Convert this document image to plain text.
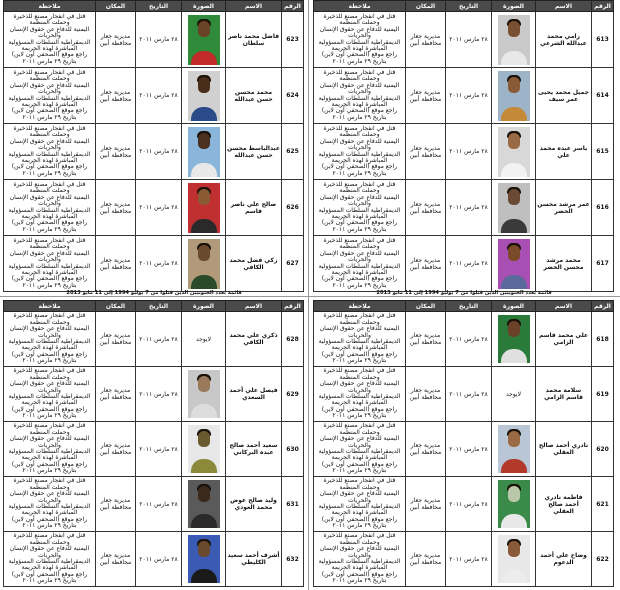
الرقم	الاسم	الصورة	التاريخ	المكان	ملاحظة
613	رامي محمد عبدالله الشرعي		٢٨ مارس ٢٠١١	مديرية جعار محافظة أبين	قتل في انفجار مصنع للذخيرة وحملت المنظمة
اليمنية للدفاع عن حقوق الإنسان والحريات
الديمقراطية السلطات المسؤولية المباشرة لهذه الجريمة
راجع موقع (الصحفي أون لاين)
بتاريخ ٢٩ مارس ٢٠١١

614	جميل محمد يحيى عمر سيف		٢٨ مارس ٢٠١١	مديرية جعار محافظة أبين	قتل في انفجار مصنع للذخيرة وحملت المنظمة
اليمنية للدفاع عن حقوق الإنسان والحريات
الديمقراطية السلطات المسؤولية المباشرة لهذه الجريمة
راجع موقع (الصحفي أون لاين)
بتاريخ ٢٩ مارس ٢٠١١

615	ياسر عبده محمد علي		٢٨ مارس ٢٠١١	مديرية جعار محافظة أبين	قتل في انفجار مصنع للذخيرة وحملت المنظمة
اليمنية للدفاع عن حقوق الإنسان والحريات
الديمقراطية السلطات المسؤولية المباشرة لهذه الجريمة
راجع موقع (الصحفي أون لاين)
بتاريخ ٢٩ مارس ٢٠١١

616	عمر مرشد محسن الخضر		٢٨ مارس ٢٠١١	مديرية جعار محافظة أبين	قتل في انفجار مصنع للذخيرة وحملت المنظمة
اليمنية للدفاع عن حقوق الإنسان والحريات
الديمقراطية السلطات المسؤولية المباشرة لهذه الجريمة
راجع موقع (الصحفي أون لاين)
بتاريخ ٢٩ مارس ٢٠١١

617	محمد مرشد محسن الخضر		٢٨ مارس ٢٠١١	مديرية جعار محافظة أبين	قتل في انفجار مصنع للذخيرة وحملت المنظمة
اليمنية للدفاع عن حقوق الإنسان والحريات
الديمقراطية السلطات المسؤولية المباشرة لهذه الجريمة
راجع موقع (الصحفي أون لاين)
بتاريخ ٢٩ مارس ٢٠١١
الرقم	الاسم	الصورة	التاريخ	المكان	ملاحظة
623	فاضل محمد ناصر سلطان		٢٨ مارس ٢٠١١	مديرية جعار محافظة أبين	قتل في انفجار مصنع للذخيرة وحملت المنظمة
اليمنية للدفاع عن حقوق الإنسان والحريات
الديمقراطية السلطات المسؤولية المباشرة لهذه الجريمة
راجع موقع (الصحفي أون لاين)
بتاريخ ٢٩ مارس ٢٠١١

624	محمد محسن حسن عبدالله		٢٨ مارس ٢٠١١	مديرية جعار محافظة أبين	قتل في انفجار مصنع للذخيرة وحملت المنظمة
اليمنية للدفاع عن حقوق الإنسان والحريات
الديمقراطية السلطات المسؤولية المباشرة لهذه الجريمة
راجع موقع (الصحفي أون لاين)
بتاريخ ٢٩ مارس ٢٠١١

625	عبدالباسط محسن حسن عبدالله		٢٨ مارس ٢٠١١	مديرية جعار محافظة أبين	قتل في انفجار مصنع للذخيرة وحملت المنظمة
اليمنية للدفاع عن حقوق الإنسان والحريات
الديمقراطية السلطات المسؤولية المباشرة لهذه الجريمة
راجع موقع (الصحفي أون لاين)
بتاريخ ٢٩ مارس ٢٠١١

626	صالح علي ناصر قاسم		٢٨ مارس ٢٠١١	مديرية جعار محافظة أبين	قتل في انفجار مصنع للذخيرة وحملت المنظمة
اليمنية للدفاع عن حقوق الإنسان والحريات
الديمقراطية السلطات المسؤولية المباشرة لهذه الجريمة
راجع موقع (الصحفي أون لاين)
بتاريخ ٢٩ مارس ٢٠١١

627	زكي فضل محمد الكافي		٢٨ مارس ٢٠١١	مديرية جعار محافظة أبين	قتل في انفجار مصنع للذخيرة وحملت المنظمة
اليمنية للدفاع عن حقوق الإنسان والحريات
الديمقراطية السلطات المسؤولية المباشرة لهذه الجريمة
راجع موقع (الصحفي أون لاين)
بتاريخ ٢٩ مارس ٢٠١١
قائمة بعدد الجنوبيين الذين قتلوا من 7 يوليو 1994 إلى 11 مايو 2013
قائمة بعدد الجنوبيين الذين قتلوا من 7 يوليو 1994 إلى 11 مايو 2013
الرقم	الاسم	الصورة	التاريخ	المكان	ملاحظة
618	علي محمد قاسم الزامي		٢٨ مارس ٢٠١١	مديرية جعار محافظة أبين	قتل في انفجار مصنع للذخيرة وحملت المنظمة
اليمنية للدفاع عن حقوق الإنسان والحريات
الديمقراطية السلطات المسؤولية المباشرة لهذه الجريمة
راجع موقع (الصحفي أون لاين)
بتاريخ ٢٩ مارس ٢٠١١

619	سلامة محمد قاسم الزامي	لايوجد	٢٨ مارس ٢٠١١	مديرية جعار محافظة أبين	قتل في انفجار مصنع للذخيرة وحملت المنظمة
اليمنية للدفاع عن حقوق الإنسان والحريات
الديمقراطية السلطات المسؤولية المباشرة لهذه الجريمة
راجع موقع (الصحفي أون لاين)
بتاريخ ٢٩ مارس ٢٠١١

620	نادري أحمد صالح العقلي		٢٨ مارس ٢٠١١	مديرية جعار محافظة أبين	قتل في انفجار مصنع للذخيرة وحملت المنظمة
اليمنية للدفاع عن حقوق الإنسان والحريات
الديمقراطية السلطات المسؤولية المباشرة لهذه الجريمة
راجع موقع (الصحفي أون لاين)
بتاريخ ٢٩ مارس ٢٠١١

621	فاطمة نادري أحمد صالح العقلي		٢٨ مارس ٢٠١١	مديرية جعار محافظة أبين	قتل في انفجار مصنع للذخيرة وحملت المنظمة
اليمنية للدفاع عن حقوق الإنسان والحريات
الديمقراطية السلطات المسؤولية المباشرة لهذه الجريمة
راجع موقع (الصحفي أون لاين)
بتاريخ ٢٩ مارس ٢٠١١

622	وضاح علي أحمد الدعوم		٢٨ مارس ٢٠١١	مديرية جعار محافظة أبين	قتل في انفجار مصنع للذخيرة وحملت المنظمة
اليمنية للدفاع عن حقوق الإنسان والحريات
الديمقراطية السلطات المسؤولية المباشرة لهذه الجريمة
راجع موقع (الصحفي أون لاين)
بتاريخ ٢٩ مارس ٢٠١١
الرقم	الاسم	الصورة	التاريخ	المكان	ملاحظة
628	ذكري علي محمد الكافي	لايوجد	٢٨ مارس ٢٠١١	مديرية جعار محافظة أبين	قتل في انفجار مصنع للذخيرة وحملت المنظمة
اليمنية للدفاع عن حقوق الإنسان والحريات
الديمقراطية السلطات المسؤولية المباشرة لهذه الجريمة
راجع موقع (الصحفي أون لاين)
بتاريخ ٢٩ مارس ٢٠١١

629	فيصل علي أحمد السعدي		٢٨ مارس ٢٠١١	مديرية جعار محافظة أبين	قتل في انفجار مصنع للذخيرة وحملت المنظمة
اليمنية للدفاع عن حقوق الإنسان والحريات
الديمقراطية السلطات المسؤولية المباشرة لهذه الجريمة
راجع موقع (الصحفي أون لاين)
بتاريخ ٢٩ مارس ٢٠١١

630	سعيد أحمد صالح عبده البركاني		٢٨ مارس ٢٠١١	مديرية جعار محافظة أبين	قتل في انفجار مصنع للذخيرة وحملت المنظمة
اليمنية للدفاع عن حقوق الإنسان والحريات
الديمقراطية السلطات المسؤولية المباشرة لهذه الجريمة
راجع موقع (الصحفي أون لاين)
بتاريخ ٢٩ مارس ٢٠١١

631	وليد صالح عوض محمد العودي		٢٨ مارس ٢٠١١	مديرية جعار محافظة أبين	قتل في انفجار مصنع للذخيرة وحملت المنظمة
اليمنية للدفاع عن حقوق الإنسان والحريات
الديمقراطية السلطات المسؤولية المباشرة لهذه الجريمة
راجع موقع (الصحفي أون لاين)
بتاريخ ٢٩ مارس ٢٠١١

632	أشرف أحمد سعيد الكليطي		٢٨ مارس ٢٠١١	مديرية جعار محافظة أبين	قتل في انفجار مصنع للذخيرة وحملت المنظمة
اليمنية للدفاع عن حقوق الإنسان والحريات
الديمقراطية السلطات المسؤولية المباشرة لهذه الجريمة
راجع موقع (الصحفي أون لاين)
بتاريخ ٢٩ مارس ٢٠١١
